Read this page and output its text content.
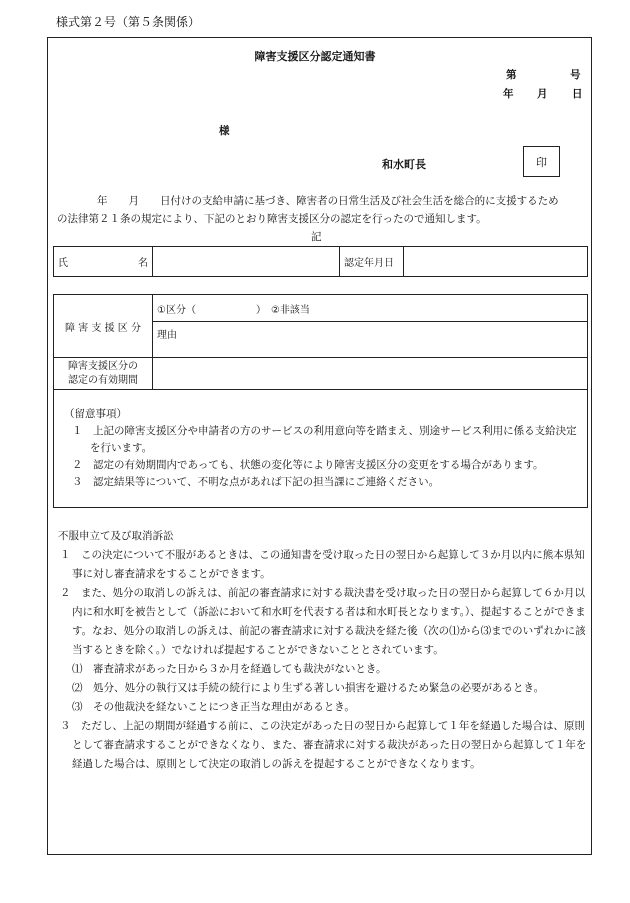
様式第２号（第５条関係）
障害支援区分認定通知書
第	号
年 月 日
様
和水町長	印
年　　月　　日付けの支給申請に基づき、障害者の日常生活及び社会生活を総合的に支援するため
の法律第２１条の規定により、下記のとおり障害支援区分の認定を行ったので通知します。
記
氏	名		認定年月日	
障 害 支 援 区 分	①区分（　　　　　　）　②非該当
	理由

障害支援区分の
認定の有効期間	

（留意事項）
１　上記の障害支援区分や申請者の方のサービスの利用意向等を踏まえ、別途サービス利用に係る支給決定を行います。
２　認定の有効期間内であっても、状態の変化等により障害支援区分の変更をする場合があります。
３　認定結果等について、不明な点があれば下記の担当課にご連絡ください。
不服申立て及び取消訴訟
１　この決定について不服があるときは、この通知書を受け取った日の翌日から起算して３か月以内に熊本県知事に対し審査請求をすることができます。
２　また、処分の取消しの訴えは、前記の審査請求に対する裁決書を受け取った日の翌日から起算して６か月以内に和水町を被告として（訴訟において和水町を代表する者は和水町長となります。）、提起することができます。なお、処分の取消しの訴えは、前記の審査請求に対する裁決を経た後（次の⑴から⑶までのいずれかに該当するときを除く。）でなければ提起することができないこととされています。
⑴　審査請求があった日から３か月を経過しても裁決がないとき。
⑵　処分、処分の執行又は手続の続行により生ずる著しい損害を避けるため緊急の必要があるとき。
⑶　その他裁決を経ないことにつき正当な理由があるとき。
３　ただし、上記の期間が経過する前に、この決定があった日の翌日から起算して１年を経過した場合は、原則として審査請求することができなくなり、また、審査請求に対する裁決があった日の翌日から起算して１年を経過した場合は、原則として決定の取消しの訴えを提起することができなくなります。
